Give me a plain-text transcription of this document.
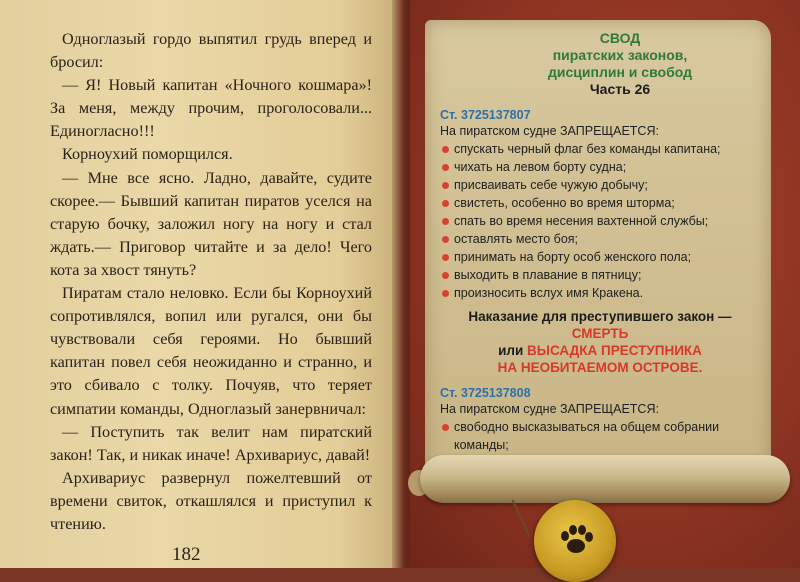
Одноглазый гордо выпятил грудь вперед и бросил:

— Я! Новый капитан «Ночного кошмара»! За меня, между прочим, проголосовали... Единогласно!!!

Корноухий поморщился.

— Мне все ясно. Ладно, давайте, судите скорее.— Бывший капитан пиратов уселся на старую бочку, заложил ногу на ногу и стал ждать.— Приговор читайте и за дело! Чего кота за хвост тянуть?

Пиратам стало неловко. Если бы Корноухий сопротивлялся, вопил или ругался, они бы чувствовали себя героями. Но бывший капитан повел себя неожиданно и странно, и это сбивало с толку. Почуяв, что теряет симпатии команды, Одноглазый занервничал:

— Поступить так велит нам пиратский закон! Так, и никак иначе! Архивариус, давай!

Архивариус развернул пожелтевший от времени свиток, откашлялся и приступил к чтению.

182
СВОД
пиратских законов,
дисциплин и свобод
Часть 26
Ст. 3725137807
На пиратском судне ЗАПРЕЩАЕТСЯ:
спускать черный флаг без команды капитана;
чихать на левом борту судна;
присваивать себе чужую добычу;
свистеть, особенно во время шторма;
спать во время несения вахтенной службы;
оставлять место боя;
принимать на борту особ женского пола;
выходить в плавание в пятницу;
произносить вслух имя Кракена.
Наказание для преступившего закон —
СМЕРТЬ
или ВЫСАДКА ПРЕСТУПНИКА
НА НЕОБИТАЕМОМ ОСТРОВЕ.
Ст. 3725137808
На пиратском судне ЗАПРЕЩАЕТСЯ:
свободно высказываться на общем собрании команды;
